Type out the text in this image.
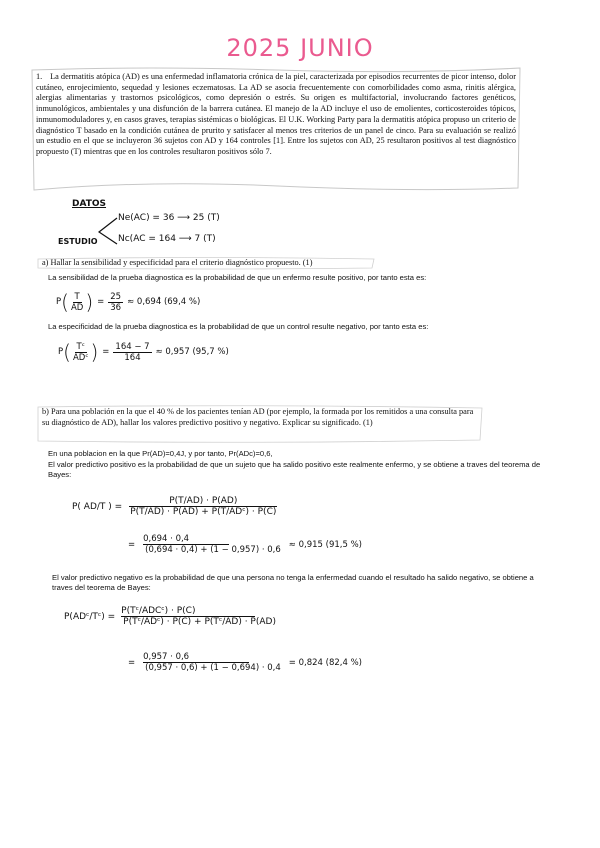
2025 JUNIO
1. La dermatitis atópica (AD) es una enfermedad inflamatoria crónica de la piel, caracterizada por episodios recurrentes de picor intenso, dolor cutáneo, enrojecimiento, sequedad y lesiones eczematosas. La AD se asocia frecuentemente con comorbilidades como asma, rinitis alérgica, alergias alimentarias y trastornos psicológicos, como depresión o estrés. Su origen es multifactorial, involucrando factores genéticos, inmunológicos, ambientales y una disfunción de la barrera cutánea. El manejo de la AD incluye el uso de emolientes, corticosteroides tópicos, inmunomoduladores y, en casos graves, terapias sistémicas o biológicas. El U.K. Working Party para la dermatitis atópica propuso un criterio de diagnóstico T basado en la condición cutánea de prurito y satisfacer al menos tres criterios de un panel de cinco. Para su evaluación se realizó un estudio en el que se incluyeron 36 sujetos con AD y 164 controles [1]. Entre los sujetos con AD, 25 resultaron positivos al test diagnóstico propuesto (T) mientras que en los controles resultaron positivos sólo 7.
DATOS
Ne(AC) = 36 ⟶ 25 (T)
Nc(AC = 164 ⟶ 7 (T)
ESTUDIO
a) Hallar la sensibilidad y especificidad para el criterio diagnóstico propuesto. (1)
La sensibilidad de la prueba diagnostica es la probabilidad de que un enfermo resulte positivo, por tanto esta es:
P ( $\frac{T}{AD}$ ) = $\frac{25}{36}$ ≈ 0,694̂ (69,4 %)
La especificidad de la prueba diagnostica es la probabilidad de que un control resulte negativo, por tanto esta es:
P ( $\frac{\text{Tᶜ}}{\text{ADᶜ}}$ ) = $\frac{164 - 7}{164} \approx 0,957$ (95,7 %)
b) Para una población en la que el 40 % de los pacientes tenían AD (por ejemplo, la formada por los remitidos a una consulta para su diagnóstico de AD), hallar los valores predictivo positivo y negativo. Explicar su significado. (1)
En una poblacion en la que Pr(AD)=0,4J, y por tanto, Pr(ADc)=0,6,
El valor predictivo positivo es la probabilidad de que un sujeto que ha salido positivo este realmente enfermo, y se obtiene a traves del teorema de Bayes:
P( AD/T ) = $\frac{P(T/AD) \cdot P(AD)}{\text{P(T/AD) · P(AD) + P(T/ADᶜ) · P(C)}}$
= $\frac{0,694 \cdot 0,4}{(0,694 \cdot 0,4) + (1 - 0,957) \cdot 0,6} \approx 0,915$ (91,5 %)
El valor predictivo negativo es la probabilidad de que una persona no tenga la enfermedad cuando el resultado ha salido negativo, se obtiene a traves del teorema de Bayes:
P(ADᶜ/Tᶜ) = $\frac{\text{P(Tᶜ/ADCᶜ) · P(C)}}{\text{P(Tᶜ/ADᶜ) · P(C) + P(Tᶜ/AD) · P(AD)}}$
= $\frac{0,957 \cdot 0,6}{(0,957 \cdot 0,6) + (1 - 0,694) \cdot 0,4} = 0,824$ (82,4 %)
